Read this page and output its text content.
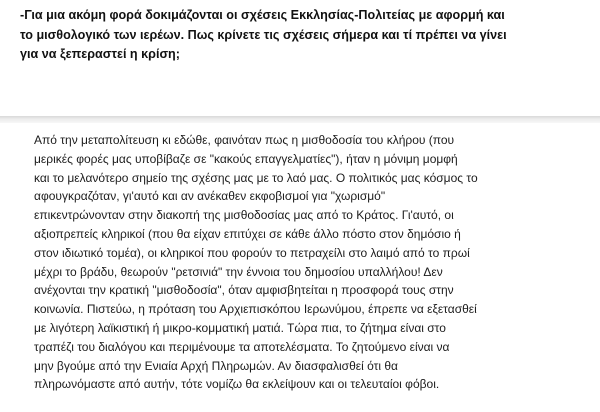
-Για μια ακόμη φορά δοκιμάζονται οι σχέσεις Εκκλησίας-Πολιτείας με αφορμή και
το μισθολογικό των ιερέων. Πως κρίνετε τις σχέσεις σήμερα και τί πρέπει να γίνει
για να ξεπεραστεί η κρίση;
Από την μεταπολίτευση κι εδώθε, φαινόταν πως η μισθοδοσία του κλήρου (που
μερικές φορές μας υποβίβαζε σε "κακούς επαγγελματίες"), ήταν η μόνιμη μομφή
και το μελανότερο σημείο της σχέσης μας με το λαό μας. Ο πολιτικός μας κόσμος το
αφουγκραζόταν, γι'αυτό και αν ανέκαθεν εκφοβισμοί για "χωρισμό"
επικεντρώνονταν στην διακοπή της μισθοδοσίας μας από το Κράτος. Γι'αυτό, οι
αξιοπρεπείς κληρικοί (που θα είχαν επιτύχει σε κάθε άλλο πόστο στον δημόσιο ή
στον ιδιωτικό τομέα), οι κληρικοί που φορούν το πετραχείλι στο λαιμό από το πρωί
μέχρι το βράδυ, θεωρούν "ρετσινιά" την έννοια του δημοσίου υπαλλήλου! Δεν
ανέχονται την κρατική "μισθοδοσία", όταν αμφισβητείται η προσφορά τους στην
κοινωνία. Πιστεύω, η πρόταση του Αρχιεπισκόπου Ιερωνύμου, έπρεπε να εξετασθεί
με λιγότερη λαϊκιστική ή μικρο-κομματική ματιά. Τώρα πια, το ζήτημα είναι στο
τραπέζι του διαλόγου και περιμένουμε τα αποτελέσματα. Το ζητούμενο είναι να
μην βγούμε από την Ενιαία Αρχή Πληρωμών. Αν διασφαλισθεί ότι θα
πληρωνόμαστε από αυτήν, τότε νομίζω θα εκλείψουν και οι τελευταίοι φόβοι.
